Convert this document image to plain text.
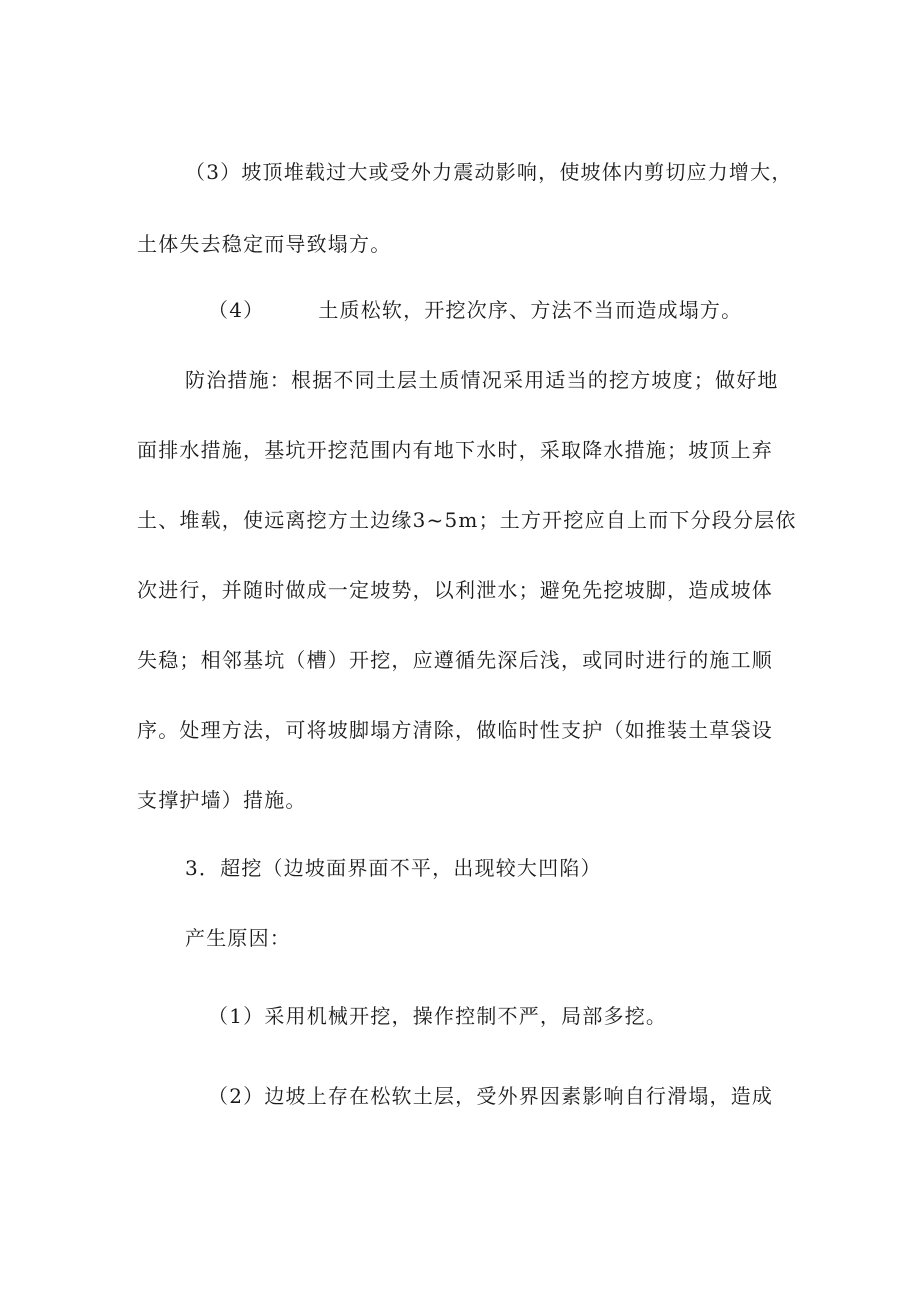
（3）坡顶堆载过大或受外力震动影响，使坡体内剪切应力增大，
土体失去稳定而导致塌方。
（4）	土质松软，开挖次序、方法不当而造成塌方。
防治措施：根据不同土层土质情况采用适当的挖方坡度；做好地
面排水措施，基坑开挖范围内有地下水时，采取降水措施；坡顶上弃
土、堆载，使远离挖方土边缘3~5m；土方开挖应自上而下分段分层依
次进行，并随时做成一定坡势，以利泄水；避免先挖坡脚，造成坡体
失稳；相邻基坑（槽）开挖，应遵循先深后浅，或同时进行的施工顺
序。处理方法，可将坡脚塌方清除，做临时性支护（如推装土草袋设
支撑护墙）措施。
3．超挖（边坡面界面不平，出现较大凹陷）
产生原因：
（1）采用机械开挖，操作控制不严，局部多挖。
（2）边坡上存在松软土层，受外界因素影响自行滑塌，造成
